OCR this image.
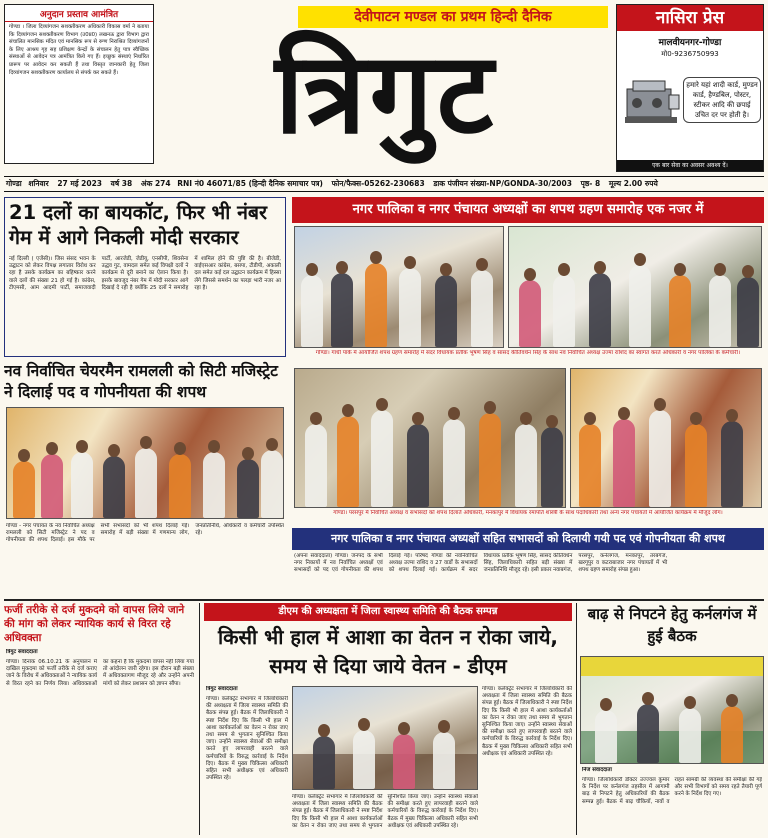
अनुदान प्रस्ताव आमंत्रित
गोण्डा । जिला दिव्यांगजन सशक्तीकरण अधिकारी विकास वर्मा ने बताया कि दिव्यांगजन सशक्तीकरण विभाग (उ0प्र0) लखनऊ द्वारा विभाग द्वारा संचालित मानसिक मंदित एवं मानसिक रूप से रुग्ण निराश्रित दिव्यांगजनों के लिए आश्रय गृह सह प्रशिक्षण केन्द्रों के संचालन हेतु पात्र स्वैच्छिक संस्थाओं से आवेदन पत्र आमंत्रित किये गए हैं। इच्छुक संस्थाएं निर्धारित प्रारूप पर आवेदन कर सकती हैं तथा विस्तृत जानकारी हेतु जिला दिव्यांगजन सशक्तीकरण कार्यालय से संपर्क कर सकते हैं।
देवीपाटन मण्डल का प्रथम हिन्दी दैनिक
त्रिगुट
नासिरा प्रेस
मालवीयनगर-गोण्डा
मो0-9236750993
हमारे यहां शादी कार्ड, मुण्डन कार्ड, हैण्डबिल, पोस्टर, स्टीकर आदि की छपाई उचित दर पर होती है।
एक बार सेवा का अवसर अवश्य दें।
गोण्डा शनिवार 27 मई 2023 वर्ष 38 अंक 274 RNI नं0 46071/85 (हिन्दी दैनिक समाचार पत्र) फोन/फैक्स-05262-230683 डाक पंजीयन संख्या-NP/GONDA-30/2003 पृष्ठ- 8 मूल्य 2.00 रुपये
21 दलों का बायकॉट, फिर भी नंबर गेम में आगे निकली मोदी सरकार
नई दिल्ली ( एजेंसी)। जिस संसद भवन के उद्घाटन को लेकर विपक्ष लगातार विरोध कर रहा है उसके कार्यक्रम का बहिष्कार करने वाले दलों की संख्या 21 हो गई है। कांग्रेस, टीएमसी, आम आदमी पार्टी, समाजवादी पार्टी, आरजेडी, जेडीयू, एनसीपी, शिवसेना उद्धव गुट, वामदल समेत कई विपक्षी दलों ने कार्यक्रम से दूरी बनाने का ऐलान किया है। इसके बावजूद नंबर गेम में मोदी सरकार आगे दिखाई दे रही है क्योंकि 25 दलों ने समारोह में शामिल होने की पुष्टि की है। बीजेडी, वाईएसआर कांग्रेस, बसपा, टीडीपी, अकाली दल समेत कई दल उद्घाटन कार्यक्रम में हिस्सा लेंगे जिससे समर्थन का पलड़ा भारी नजर आ रहा है।
नव निर्वाचित चेयरमैन रामलली को सिटी मजिस्ट्रेट ने दिलाई पद व गोपनीयता की शपथ
गोण्डा - नगर पंचायत के नव निर्वाचित अध्यक्ष रामलली को सिटी मजिस्ट्रेट ने पद व गोपनीयता की शपथ दिलाई। इस मौके पर सभी सभासदों को भी शपथ दिलाई गई। समारोह में बड़ी संख्या में गणमान्य लोग, जनप्रतिनिधि, अधिकारी व कर्मचारी उपस्थित रहे।
नगर पालिका व नगर पंचायत अध्यक्षों का शपथ ग्रहण समारोह एक नजर में
गोण्डा। गांधी पार्क में आयोजित शपथ ग्रहण समारोह में सदर विधायक प्रतीक भूषण सिंह व सांसद कीर्तिवर्धन सिंह के साथ नव निर्वाचित अध्यक्ष उज्मा राशिद का स्वागत करते अधिकारी व नगर पालिका के कर्मचारी।
गोण्डा। परसपुर में निर्वाचित अध्यक्ष व सभासदों को शपथ दिलाते अधिकारी, मनकापुर में विधायक रमापति शास्त्री के साथ पदाधिकारी तथा अन्य नगर पंचायतों में आयोजित कार्यक्रम में मौजूद लोग।
नगर पालिका व नगर पंचायत अध्यक्षों सहित सभासदों को दिलायी गयी पद एवं गोपनीयता की शपथ
(अपना संवाददाता) गोण्डा। जनपद के सभी नगर निकायों में नव निर्वाचित अध्यक्षों एवं सभासदों को पद एवं गोपनीयता की शपथ दिलाई गई। परिषद गोण्डा की नवनिर्वाचित अध्यक्ष उज्मा राशिद व 27 वार्डों के सभासदों को शपथ दिलाई गई। कार्यक्रम में सदर विधायक प्रतीक भूषण सिंह, सांसद कीर्तिवर्धन सिंह, जिलाधिकारी सहित बड़ी संख्या में जनप्रतिनिधि मौजूद रहे। इसी प्रकार नवाबगंज, परसपुर, कर्नलगंज, मनकापुर, तरबगंज, खरगूपुर व कटराबाजार नगर पंचायतों में भी शपथ ग्रहण समारोह संपन्न हुआ।
फर्जी तरीके से दर्ज मुकदमे को वापस लिये जाने की मांग को लेकर न्यायिक कार्य से विरत रहे अधिवक्ता
त्रिगुट संवाददाता
गोण्डा। दिनांक 06.10.21 के अनुपालन में दाखिल मुकदमा को फर्जी तरीके से दर्ज कराए जाने के विरोध में अधिवक्ताओं ने न्यायिक कार्य से विरत रहने का निर्णय लिया। अधिवक्ताओं का कहना है कि मुकदमा वापस नहीं लिया गया तो आंदोलन जारी रहेगा। इस दौरान बड़ी संख्या में अधिवक्तागण मौजूद रहे और उन्होंने अपनी मांगों को लेकर प्रशासन को ज्ञापन सौंपा।
डीएम की अध्यक्षता में जिला स्वास्थ्य समिति की बैठक सम्पन्न
किसी भी हाल में आशा का वेतन न रोका जाये, समय से दिया जाये वेतन - डीएम
त्रिगुट संवाददाता
गोण्डा। कलेक्ट्रेट सभागार में जिलाधिकारी की अध्यक्षता में जिला स्वास्थ्य समिति की बैठक संपन्न हुई। बैठक में जिलाधिकारी ने स्पष्ट निर्देश दिए कि किसी भी हाल में आशा कार्यकर्ताओं का वेतन न रोका जाए तथा समय से भुगतान सुनिश्चित किया जाए। उन्होंने स्वास्थ्य सेवाओं की समीक्षा करते हुए लापरवाही बरतने वाले कर्मचारियों के विरुद्ध कार्रवाई के निर्देश दिए। बैठक में मुख्य चिकित्सा अधिकारी सहित सभी अधीक्षक एवं अधिकारी उपस्थित रहे।
गोण्डा। कलेक्ट्रेट सभागार में जिलाधिकारी की अध्यक्षता में जिला स्वास्थ्य समिति की बैठक संपन्न हुई। बैठक में जिलाधिकारी ने स्पष्ट निर्देश दिए कि किसी भी हाल में आशा कार्यकर्ताओं का वेतन न रोका जाए तथा समय से भुगतान सुनिश्चित किया जाए। उन्होंने स्वास्थ्य सेवाओं की समीक्षा करते हुए लापरवाही बरतने वाले कर्मचारियों के विरुद्ध कार्रवाई के निर्देश दिए। बैठक में मुख्य चिकित्सा अधिकारी सहित सभी अधीक्षक एवं अधिकारी उपस्थित रहे।
गोण्डा। कलेक्ट्रेट सभागार में जिलाधिकारी की अध्यक्षता में जिला स्वास्थ्य समिति की बैठक संपन्न हुई। बैठक में जिलाधिकारी ने स्पष्ट निर्देश दिए कि किसी भी हाल में आशा कार्यकर्ताओं का वेतन न रोका जाए तथा समय से भुगतान सुनिश्चित किया जाए। उन्होंने स्वास्थ्य सेवाओं की समीक्षा करते हुए लापरवाही बरतने वाले कर्मचारियों के विरुद्ध कार्रवाई के निर्देश दिए। बैठक में मुख्य चिकित्सा अधिकारी सहित सभी अधीक्षक एवं अधिकारी उपस्थित रहे।
बाढ़ से निपटने हेतु कर्नलगंज में हुई बैठक
निज संवाददाता
गोण्डा। जिलाधिकारी डॉक्टर उज्ज्वल कुमार के निर्देश पर कर्नलगंज तहसील में आगामी बाढ़ से निपटने हेतु अधिकारियों की बैठक सम्पन्न हुई। बैठक में बाढ़ चौकियों, नावों व राहत सामग्री की व्यवस्था की समीक्षा की गई और सभी विभागों को समय रहते तैयारी पूर्ण करने के निर्देश दिए गए।
